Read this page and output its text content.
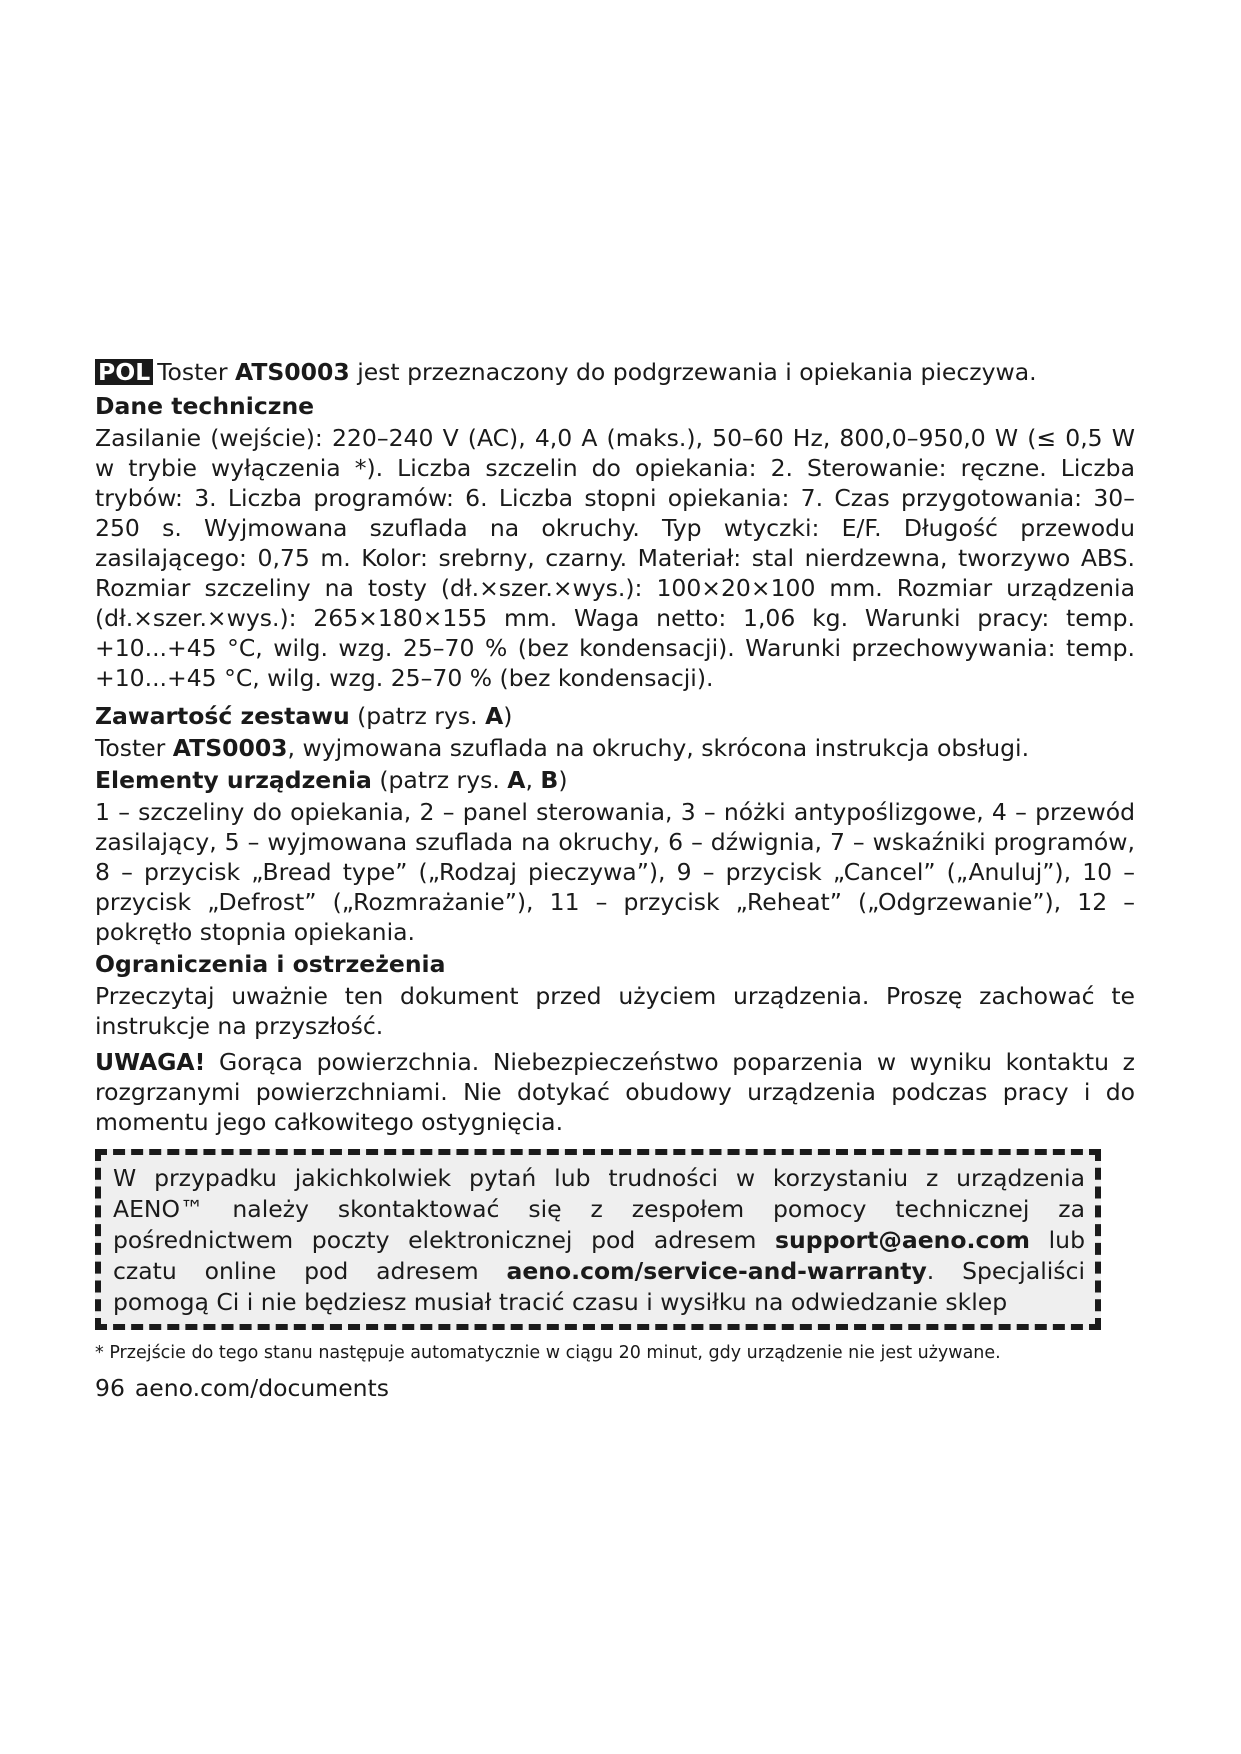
POL Toster ATS0003 jest przeznaczony do podgrzewania i opiekania pieczywa.

Dane techniczne

Zasilanie (wejście): 220–240 V (AC), 4,0 A (maks.), 50–60 Hz, 800,0–950,0 W (≤ 0,5 W w trybie wyłączenia *). Liczba szczelin do opiekania: 2. Sterowanie: ręczne. Liczba trybów: 3. Liczba programów: 6. Liczba stopni opiekania: 7. Czas przygotowania: 30–250 s. Wyjmowana szuflada na okruchy. Typ wtyczki: E/F. Długość przewodu zasilającego: 0,75 m. Kolor: srebrny, czarny. Materiał: stal nierdzewna, tworzywo ABS. Rozmiar szczeliny na tosty (dł.×szer.×wys.): 100×20×100 mm. Rozmiar urządzenia (dł.×szer.×wys.): 265×180×155 mm. Waga netto: 1,06 kg. Warunki pracy: temp. +10...+45 °C, wilg. wzg. 25–70 % (bez kondensacji). Warunki przechowywania: temp. +10...+45 °C, wilg. wzg. 25–70 % (bez kondensacji).

Zawartość zestawu (patrz rys. A)

Toster ATS0003, wyjmowana szuflada na okruchy, skrócona instrukcja obsługi.

Elementy urządzenia (patrz rys. A, B)

1 – szczeliny do opiekania, 2 – panel sterowania, 3 – nóżki antypoślizgowe, 4 – przewód zasilający, 5 – wyjmowana szuflada na okruchy, 6 – dźwignia, 7 – wskaźniki programów, 8 – przycisk „Bread type” („Rodzaj pieczywa”), 9 – przycisk „Cancel” („Anuluj”), 10 – przycisk „Defrost” („Rozmrażanie”), 11 – przycisk „Reheat” („Odgrzewanie”), 12 – pokrętło stopnia opiekania.

Ograniczenia i ostrzeżenia

Przeczytaj uważnie ten dokument przed użyciem urządzenia. Proszę zachować te instrukcje na przyszłość.

UWAGA! Gorąca powierzchnia. Niebezpieczeństwo poparzenia w wyniku kontaktu z rozgrzanymi powierzchniami. Nie dotykać obudowy urządzenia podczas pracy i do momentu jego całkowitego ostygnięcia.

W przypadku jakichkolwiek pytań lub trudności w korzystaniu z urządzenia AENO™ należy skontaktować się z zespołem pomocy technicznej za pośrednictwem poczty elektronicznej pod adresem support@aeno.com lub czatu online pod adresem aeno.com/service-and-warranty. Specjaliści pomogą Ci i nie będziesz musiał tracić czasu i wysiłku na odwiedzanie sklep

* Przejście do tego stanu następuje automatycznie w ciągu 20 minut, gdy urządzenie nie jest używane.

96 aeno.com/documents
